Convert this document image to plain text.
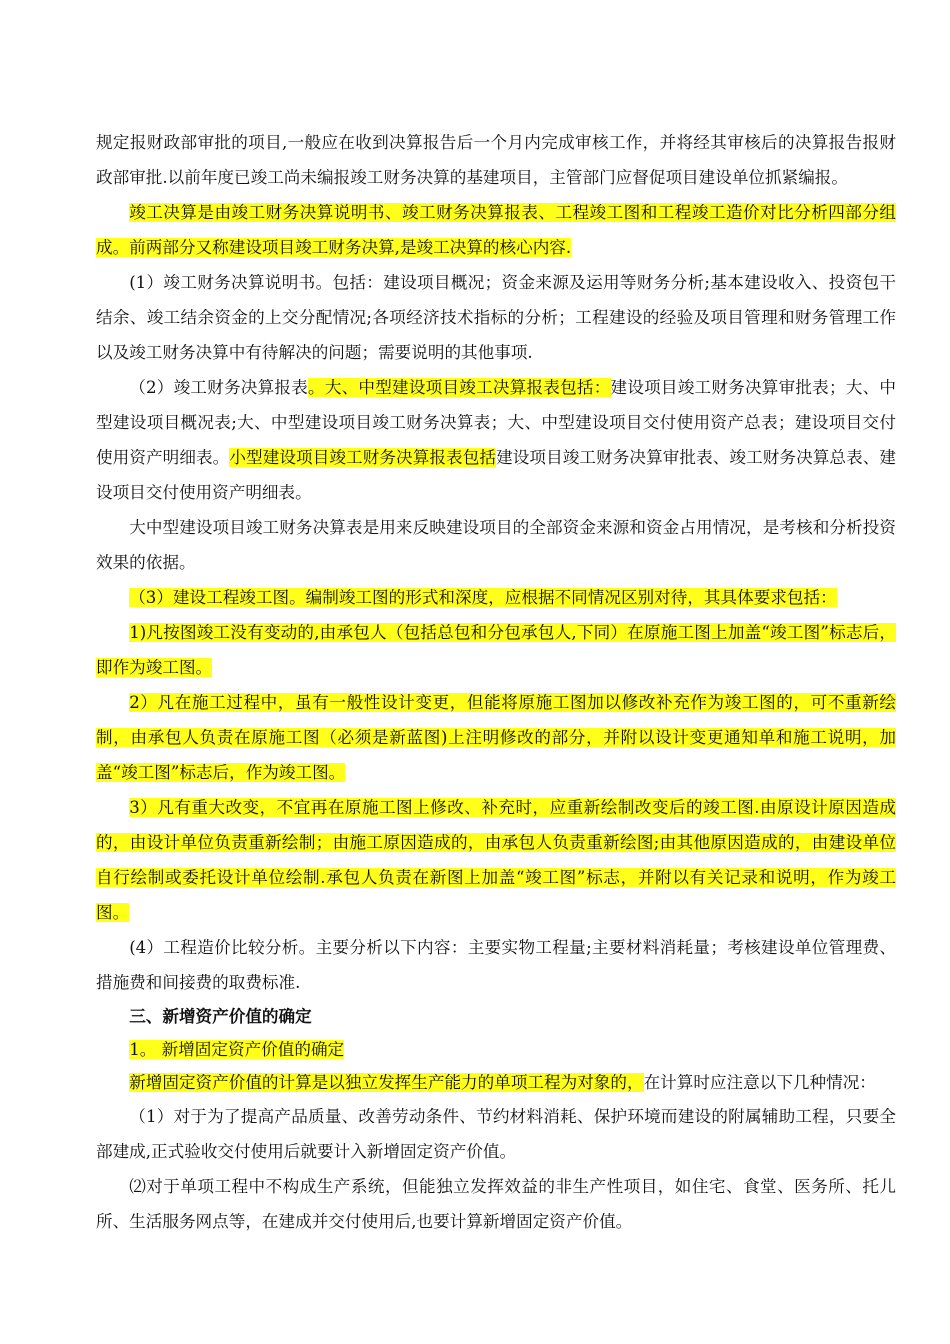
规定报财政部审批的项目,一般应在收到决算报告后一个月内完成审核工作，并将经其审核后的决算报告报财政部审批.以前年度已竣工尚未编报竣工财务决算的基建项目，主管部门应督促项目建设单位抓紧编报。

竣工决算是由竣工财务决算说明书、竣工财务决算报表、工程竣工图和工程竣工造价对比分析四部分组成。前两部分又称建设项目竣工财务决算,是竣工决算的核心内容.

(1）竣工财务决算说明书。包括：建设项目概况；资金来源及运用等财务分析;基本建设收入、投资包干结余、竣工结余资金的上交分配情况;各项经济技术指标的分析；工程建设的经验及项目管理和财务管理工作以及竣工财务决算中有待解决的问题；需要说明的其他事项.

（2）竣工财务决算报表。大、中型建设项目竣工决算报表包括：建设项目竣工财务决算审批表；大、中型建设项目概况表;大、中型建设项目竣工财务决算表；大、中型建设项目交付使用资产总表；建设项目交付使用资产明细表。小型建设项目竣工财务决算报表包括建设项目竣工财务决算审批表、竣工财务决算总表、建设项目交付使用资产明细表。

大中型建设项目竣工财务决算表是用来反映建设项目的全部资金来源和资金占用情况，是考核和分析投资效果的依据。

（3）建设工程竣工图。编制竣工图的形式和深度，应根据不同情况区别对待，其具体要求包括：

1)凡按图竣工没有变动的,由承包人（包括总包和分包承包人,下同）在原施工图上加盖“竣工图”标志后，即作为竣工图。

2）凡在施工过程中，虽有一般性设计变更，但能将原施工图加以修改补充作为竣工图的，可不重新绘制，由承包人负责在原施工图（必须是新蓝图)上注明修改的部分，并附以设计变更通知单和施工说明，加盖“竣工图”标志后，作为竣工图。

3）凡有重大改变，不宜再在原施工图上修改、补充时，应重新绘制改变后的竣工图.由原设计原因造成的，由设计单位负责重新绘制；由施工原因造成的，由承包人负责重新绘图;由其他原因造成的，由建设单位自行绘制或委托设计单位绘制.承包人负责在新图上加盖“竣工图”标志，并附以有关记录和说明，作为竣工图。

(4）工程造价比较分析。主要分析以下内容：主要实物工程量;主要材料消耗量；考核建设单位管理费、措施费和间接费的取费标准.

三、新增资产价值的确定

1。 新增固定资产价值的确定

新增固定资产价值的计算是以独立发挥生产能力的单项工程为对象的，在计算时应注意以下几种情况：

（1）对于为了提高产品质量、改善劳动条件、节约材料消耗、保护环境而建设的附属辅助工程，只要全部建成,正式验收交付使用后就要计入新增固定资产价值。

⑵对于单项工程中不构成生产系统，但能独立发挥效益的非生产性项目，如住宅、食堂、医务所、托儿所、生活服务网点等，在建成并交付使用后,也要计算新增固定资产价值。
